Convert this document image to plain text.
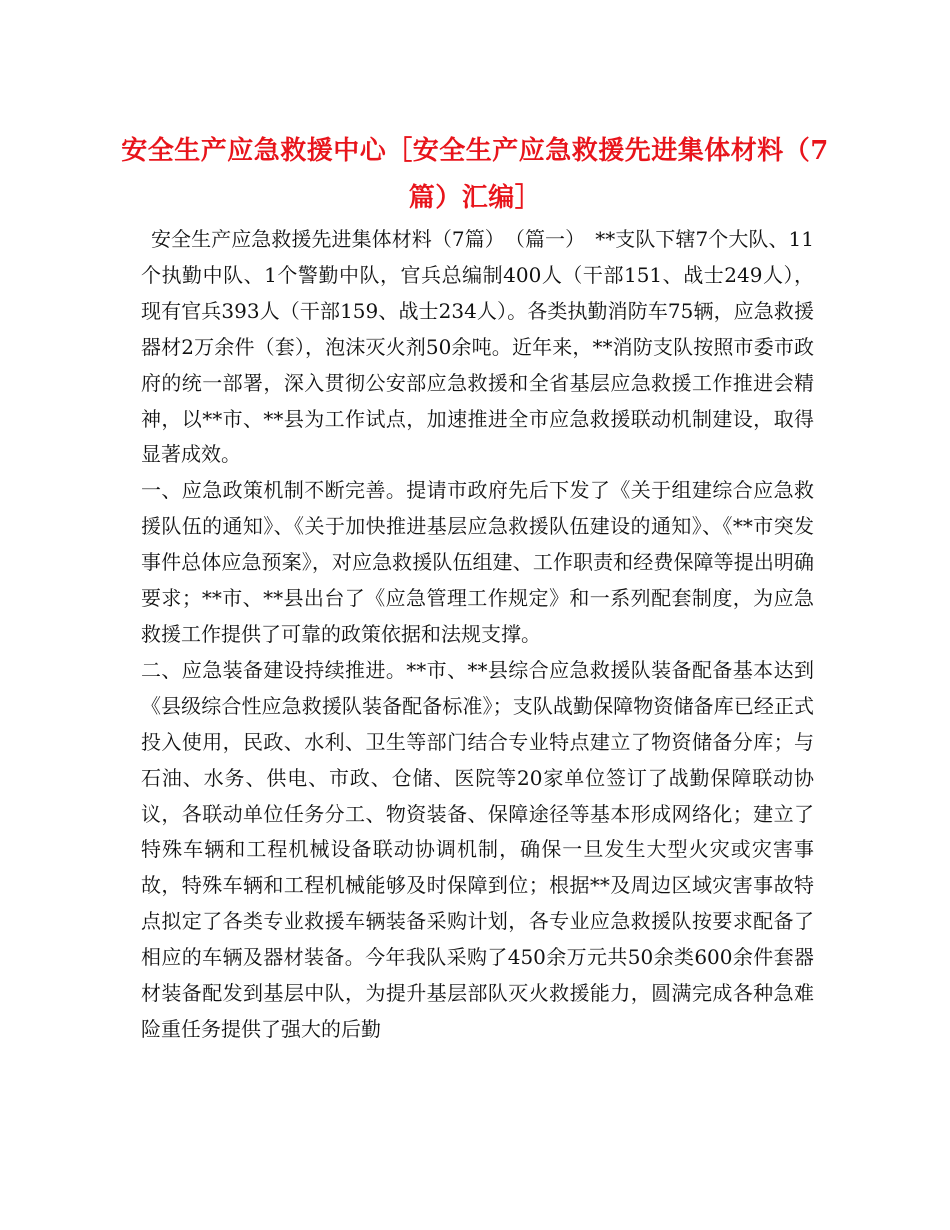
安全生产应急救援中心［安全生产应急救援先进集体材料（7篇）汇编］

安全生产应急救援先进集体材料（7篇）　（篇一）　**支队下辖7个大队、11个执勤中队、1个警勤中队，官兵总编制400人（干部151、战士249人），现有官兵393人（干部159、战士234人）。各类执勤消防车75辆，应急救援器材2万余件（套），泡沫灭火剂50余吨。近年来，**消防支队按照市委市政府的统一部署，深入贯彻公安部应急救援和全省基层应急救援工作推进会精神，以**市、**县为工作试点，加速推进全市应急救援联动机制建设，取得显著成效。

一、应急政策机制不断完善。提请市政府先后下发了《关于组建综合应急救援队伍的通知》、《关于加快推进基层应急救援队伍建设的通知》、《**市突发事件总体应急预案》，对应急救援队伍组建、工作职责和经费保障等提出明确要求；**市、**县出台了《应急管理工作规定》和一系列配套制度，为应急救援工作提供了可靠的政策依据和法规支撑。

二、应急装备建设持续推进。**市、**县综合应急救援队装备配备基本达到《县级综合性应急救援队装备配备标准》；支队战勤保障物资储备库已经正式投入使用，民政、水利、卫生等部门结合专业特点建立了物资储备分库；与石油、水务、供电、市政、仓储、医院等20家单位签订了战勤保障联动协议，各联动单位任务分工、物资装备、保障途径等基本形成网络化；建立了特殊车辆和工程机械设备联动协调机制，确保一旦发生大型火灾或灾害事故，特殊车辆和工程机械能够及时保障到位；根据**及周边区域灾害事故特点拟定了各类专业救援车辆装备采购计划，各专业应急救援队按要求配备了相应的车辆及器材装备。今年我队采购了450余万元共50余类600余件套器材装备配发到基层中队，为提升基层部队灭火救援能力，圆满完成各种急难险重任务提供了强大的后勤
